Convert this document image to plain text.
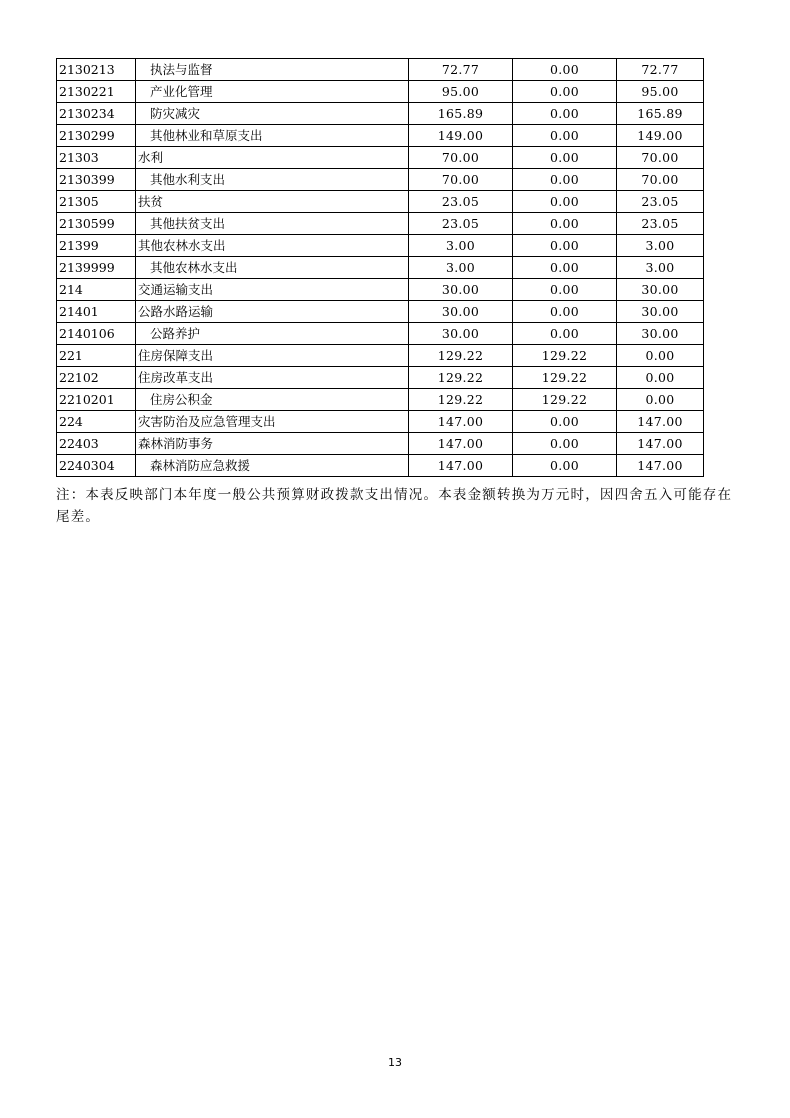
2130213	执法与监督	72.77	0.00	72.77
2130221	产业化管理	95.00	0.00	95.00
2130234	防灾减灾	165.89	0.00	165.89
2130299	其他林业和草原支出	149.00	0.00	149.00
21303	水利	70.00	0.00	70.00
2130399	其他水利支出	70.00	0.00	70.00
21305	扶贫	23.05	0.00	23.05
2130599	其他扶贫支出	23.05	0.00	23.05
21399	其他农林水支出	3.00	0.00	3.00
2139999	其他农林水支出	3.00	0.00	3.00
214	交通运输支出	30.00	0.00	30.00
21401	公路水路运输	30.00	0.00	30.00
2140106	公路养护	30.00	0.00	30.00
221	住房保障支出	129.22	129.22	0.00
22102	住房改革支出	129.22	129.22	0.00
2210201	住房公积金	129.22	129.22	0.00
224	灾害防治及应急管理支出	147.00	0.00	147.00
22403	森林消防事务	147.00	0.00	147.00
2240304	森林消防应急救援	147.00	0.00	147.00
注：本表反映部门本年度一般公共预算财政拨款支出情况。本表金额转换为万元时，因四舍五入可能存在尾差。
13
